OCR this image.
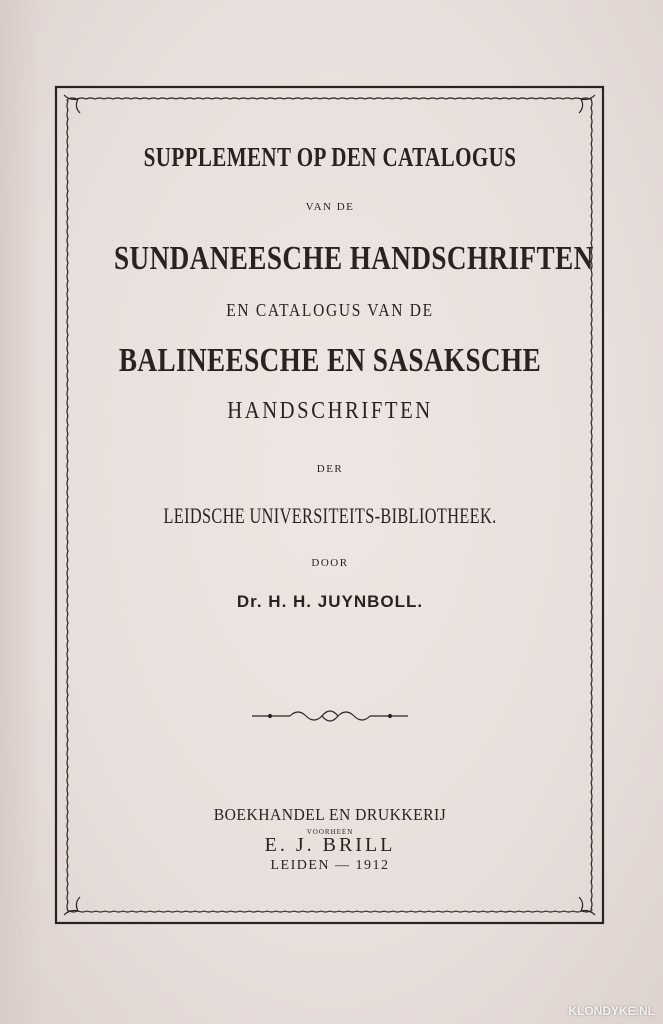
SUPPLEMENT OP DEN CATALOGUS
VAN DE
SUNDANEESCHE HANDSCHRIFTEN
EN CATALOGUS VAN DE
BALINEESCHE EN SASAKSCHE
HANDSCHRIFTEN
DER
LEIDSCHE UNIVERSITEITS-BIBLIOTHEEK.
DOOR
Dr. H. H. JUYNBOLL.
BOEKHANDEL EN DRUKKERIJ
VOORHEEN
E. J. BRILL
LEIDEN — 1912
KLONDYKE.NL
